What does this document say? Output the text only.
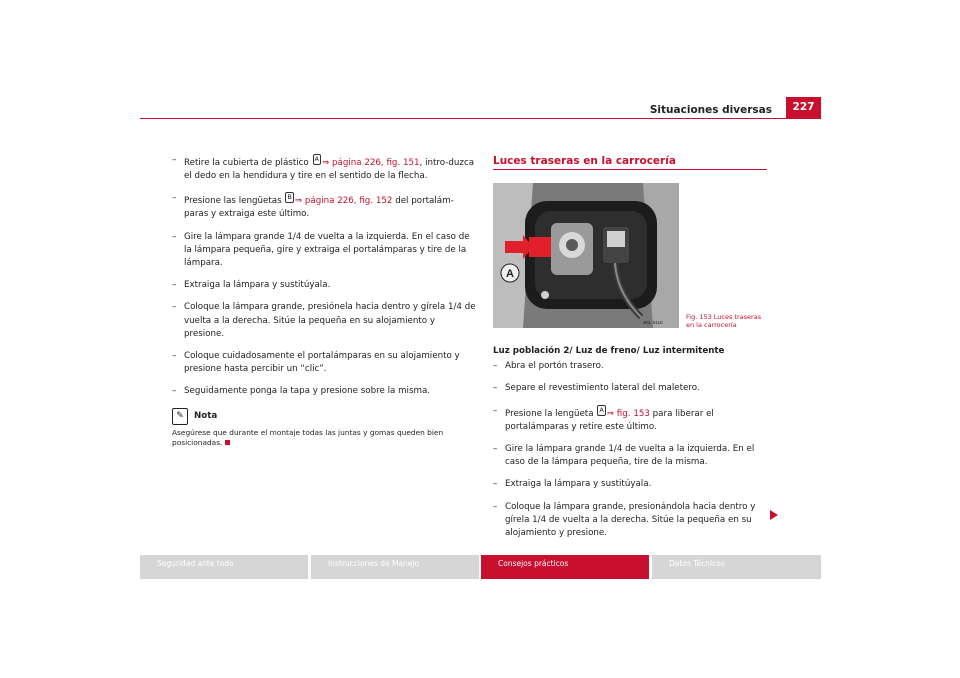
Situaciones diversas	227
– Retire la cubierta de plástico A ⇒ página 226, fig. 151, intro-duzca el dedo en la hendidura y tire en el sentido de la flecha.
– Presione las lengüetas B ⇒ página 226, fig. 152 del portalám-paras y extraiga este último.
– Gire la lámpara grande 1/4 de vuelta a la izquierda. En el caso de la lámpara pequeña, gire y extraiga el portalámparas y tire de la lámpara.
– Extraiga la lámpara y sustitúyala.
– Coloque la lámpara grande, presiónela hacia dentro y gírela 1/4 de vuelta a la derecha. Sitúe la pequeña en su alojamiento y presione.
– Coloque cuidadosamente el portalámparas en su alojamiento y presione hasta percibir un “clic”.
– Seguidamente ponga la tapa y presione sobre la misma.
✎	Nota
Asegúrese que durante el montaje todas las juntas y gomas queden bien posicionadas.
Luces traseras en la carrocería
A
B6L-0110
Fig. 153 Luces traseras
en la carrocería
Luz población 2/ Luz de freno/ Luz intermitente
– Abra el portón trasero.
– Separe el revestimiento lateral del maletero.
– Presione la lengüeta A ⇒ fig. 153 para liberar el portalámparas y retire este último.
– Gire la lámpara grande 1/4 de vuelta a la izquierda. En el caso de la lámpara pequeña, tire de la misma.
– Extraiga la lámpara y sustitúyala.
– Coloque la lámpara grande, presionándola hacia dentro y gírela 1/4 de vuelta a la derecha. Sitúe la pequeña en su alojamiento y presione.
Seguridad ante todo	Instrucciones de Manejo	Consejos prácticos	Datos Técnicos
